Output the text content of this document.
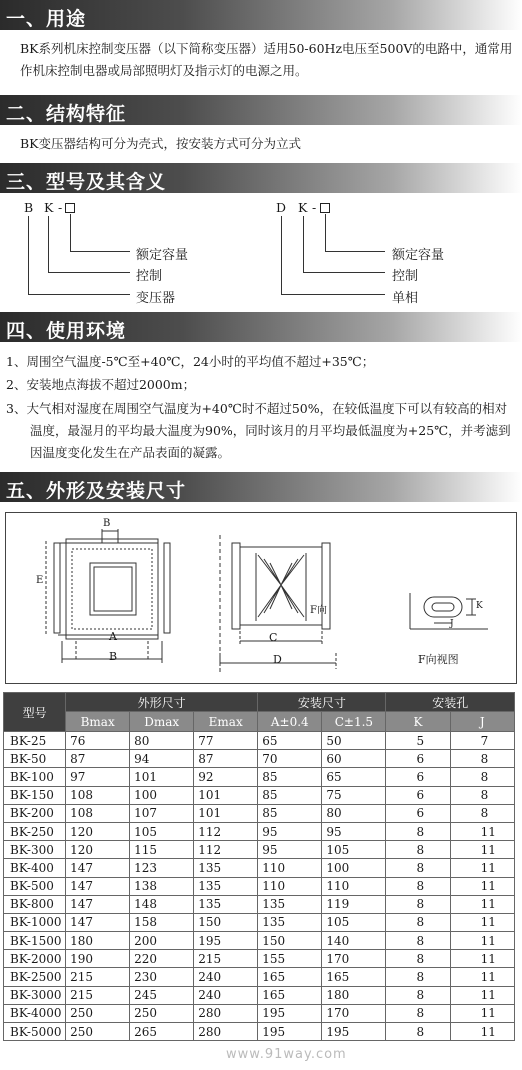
一、用途
BK系列机床控制变压器（以下简称变压器）适用50-60Hz电压至500V的电路中，通常用作机床控制电器或局部照明灯及指示灯的电源之用。
二、结构特征
BK变压器结构可分为壳式，按安装方式可分为立式
三、型号及其含义
B K -
额定容量
控制
变压器
D K -
额定容量
控制
单相
四、使用环境
1、周围空气温度-5℃至+40℃，24小时的平均值不超过+35℃；
2、安装地点海拔不超过2000m；
3、大气相对湿度在周围空气温度为+40℃时不超过50%，在较低温度下可以有较高的相对温度，最湿月的平均最大温度为90%，同时该月的月平均最低温度为+25℃，并考滤到因温度变化发生在产品表面的凝露。
五、外形及安装尺寸
B
E
A
B
C
D
F向	K
J
F向视图
型号	外形尺寸			安装尺寸		安装孔	
	Bmax	Dmax	Emax	A±0.4	C±1.5	K	J
BK-25	76	80	77	65	50	5	7
BK-50	87	94	87	70	60	6	8
BK-100	97	101	92	85	65	6	8
BK-150	108	100	101	85	75	6	8
BK-200	108	107	101	85	80	6	8
BK-250	120	105	112	95	95	8	11
BK-300	120	115	112	95	105	8	11
BK-400	147	123	135	110	100	8	11
BK-500	147	138	135	110	110	8	11
BK-800	147	148	135	135	119	8	11
BK-1000	147	158	150	135	105	8	11
BK-1500	180	200	195	150	140	8	11
BK-2000	190	220	215	155	170	8	11
BK-2500	215	230	240	165	165	8	11
BK-3000	215	245	240	165	180	8	11
BK-4000	250	250	280	195	170	8	11
BK-5000	250	265	280	195	195	8	11
www.91way.com
